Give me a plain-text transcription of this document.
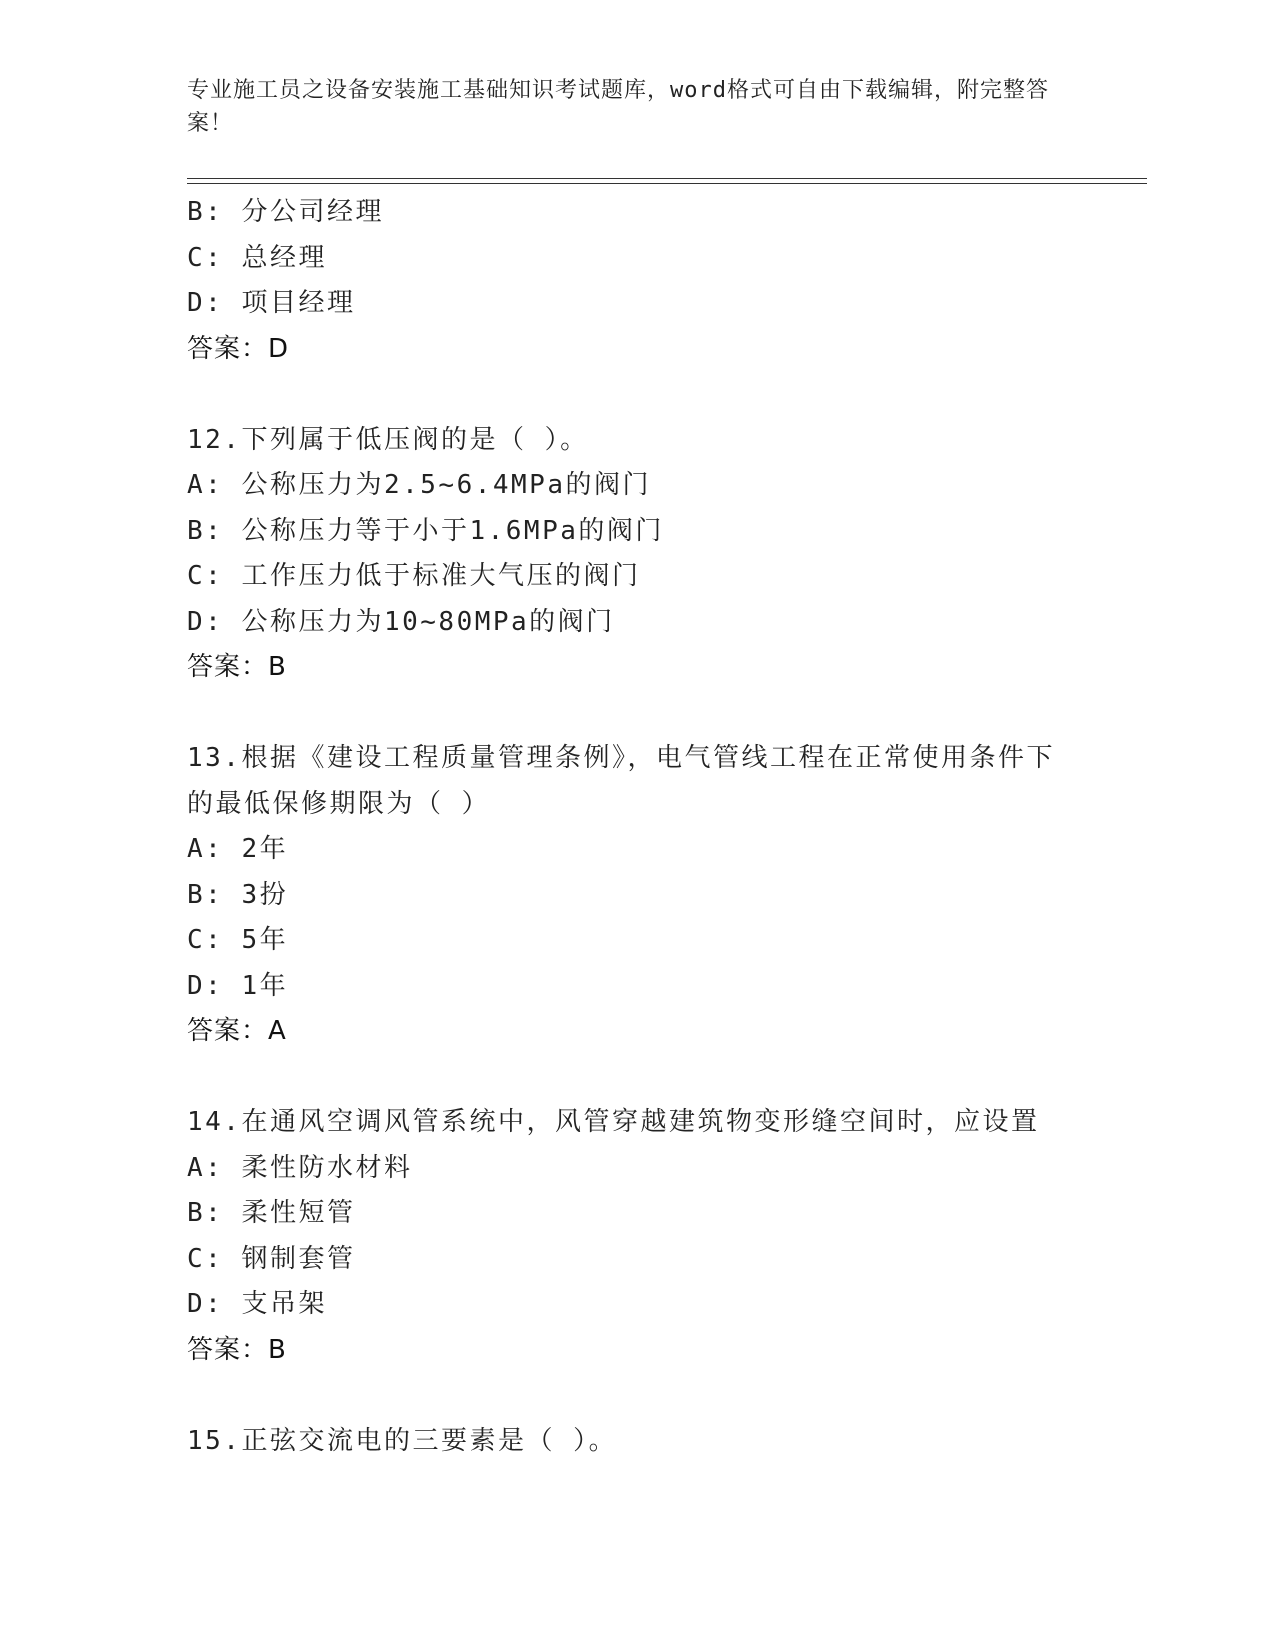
专业施工员之设备安装施工基础知识考试题库，word格式可自由下载编辑，附完整答案！
B: 分公司经理
C: 总经理
D: 项目经理
答案：D
12.下列属于低压阀的是（ ）。
A: 公称压力为2.5~6.4MPa的阀门
B: 公称压力等于小于1.6MPa的阀门
C: 工作压力低于标准大气压的阀门
D: 公称压力为10~80MPa的阀门
答案：B
13.根据《建设工程质量管理条例》，电气管线工程在正常使用条件下的最低保修期限为（ ）
A: 2年
B: 3扮
C: 5年
D: 1年
答案：A
14.在通风空调风管系统中，风管穿越建筑物变形缝空间时，应设置
A: 柔性防水材料
B: 柔性短管
C: 钢制套管
D: 支吊架
答案：B
15.正弦交流电的三要素是（ ）。
